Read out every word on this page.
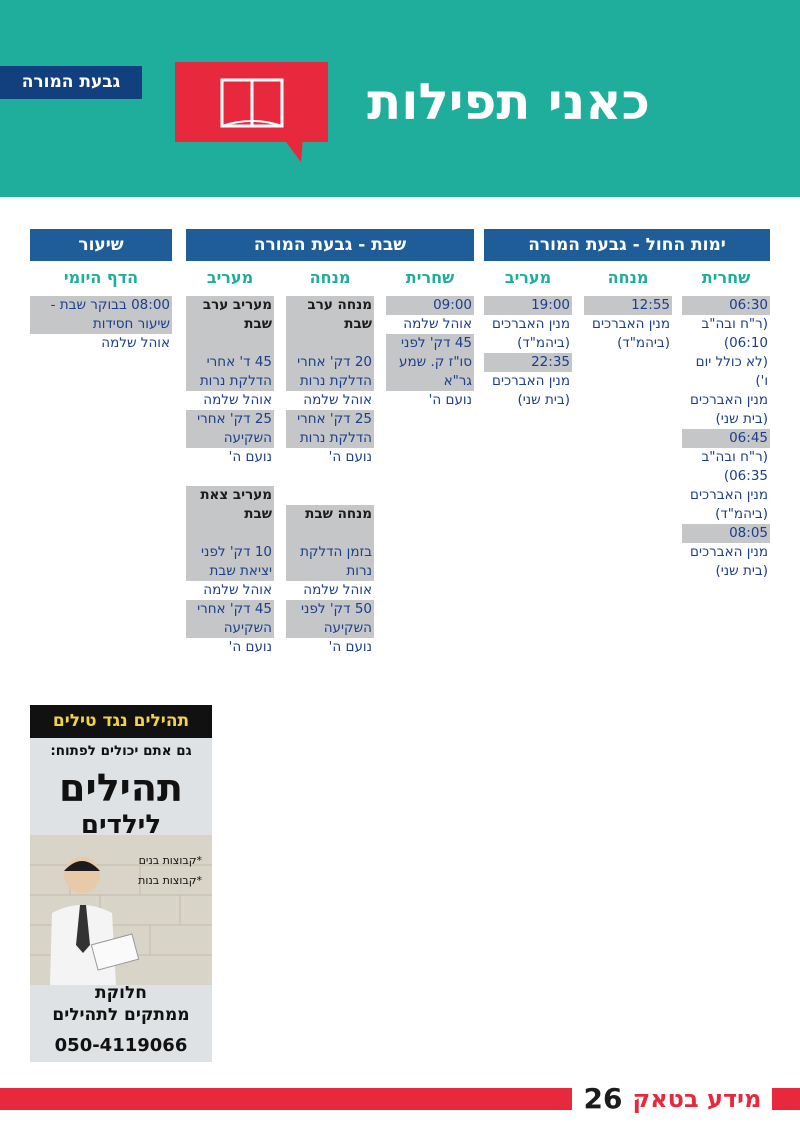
גבעת המורה	כאני תפילות
ימות החול - גבעת המורה
שבת - גבעת המורה
שיעור
שחרית
מנחה
מעריב
שחרית
מנחה
מעריב
הדף היומי
06:30
(ר"ח ובה"ב 06:10)
(לא כולל יום ו')
מנין האברכים (בית שני)
06:45
(ר"ח ובה"ב 06:35)
מנין האברכים (ביהמ"ד)
08:05
מנין האברכים (בית שני)
12:55
מנין האברכים (ביהמ"ד)
19:00
מנין האברכים (ביהמ"ד)
22:35
מנין האברכים (בית שני)
09:00
אוהל שלמה
45 דק' לפני סו"ז ק. שמע גר"א
נועם ה'
מנחה ערב שבת
20 דק' אחרי הדלקת נרות
אוהל שלמה
25 דק' אחרי הדלקת נרות
נועם ה'
מנחה שבת
בזמן הדלקת נרות
אוהל שלמה
50 דק' לפני השקיעה
נועם ה'
מעריב ערב שבת
45 ד' אחרי הדלקת נרות
אוהל שלמה
25 דק' אחרי השקיעה
נועם ה'
מעריב צאת שבת
10 דק' לפני יציאת שבת
אוהל שלמה
45 דק' אחרי השקיעה
נועם ה'
08:00 בבוקר שבת - שיעור חסידות
אוהל שלמה
תהילים נגד טילים
גם אתם יכולים לפתוח:
תהילים
לילדים
*קבוצות בנים
*קבוצות בנות
חלוקת
ממתקים לתהילים
050-4119066
26 מידע בטאק
